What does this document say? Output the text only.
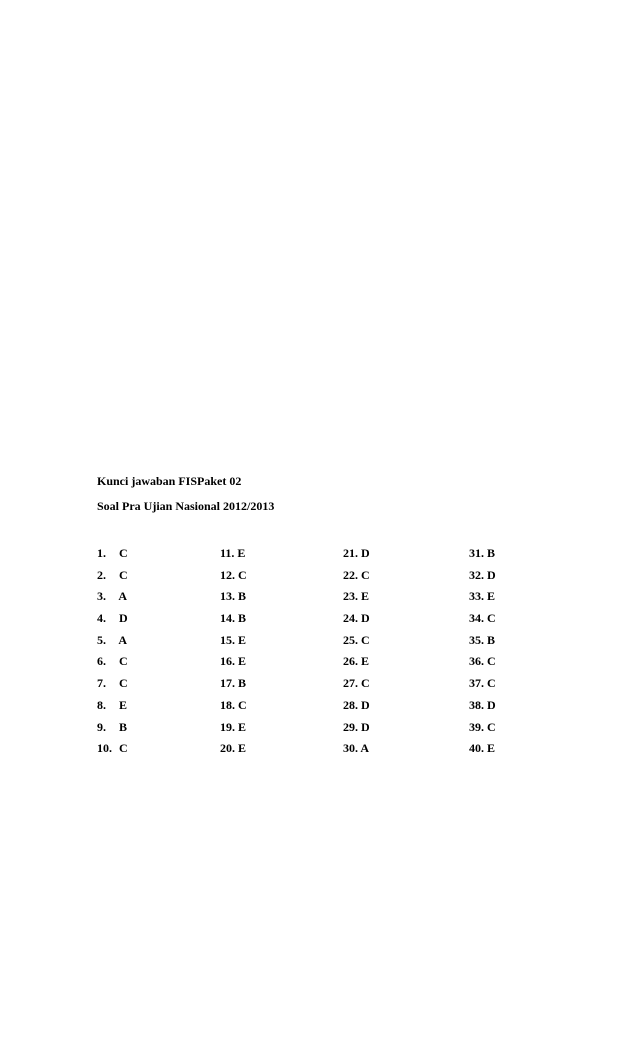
Kunci jawaban FISPaket 02
Soal Pra Ujian Nasional 2012/2013
1. C
2. C
3. A
4. D
5. A
6. C
7. C
8. E
9. B
10. C
11. E
12. C
13. B
14. B
15. E
16. E
17. B
18. C
19. E
20. E
21. D
22. C
23. E
24. D
25. C
26. E
27. C
28. D
29. D
30. A
31. B
32. D
33. E
34. C
35. B
36. C
37. C
38. D
39. C
40. E
